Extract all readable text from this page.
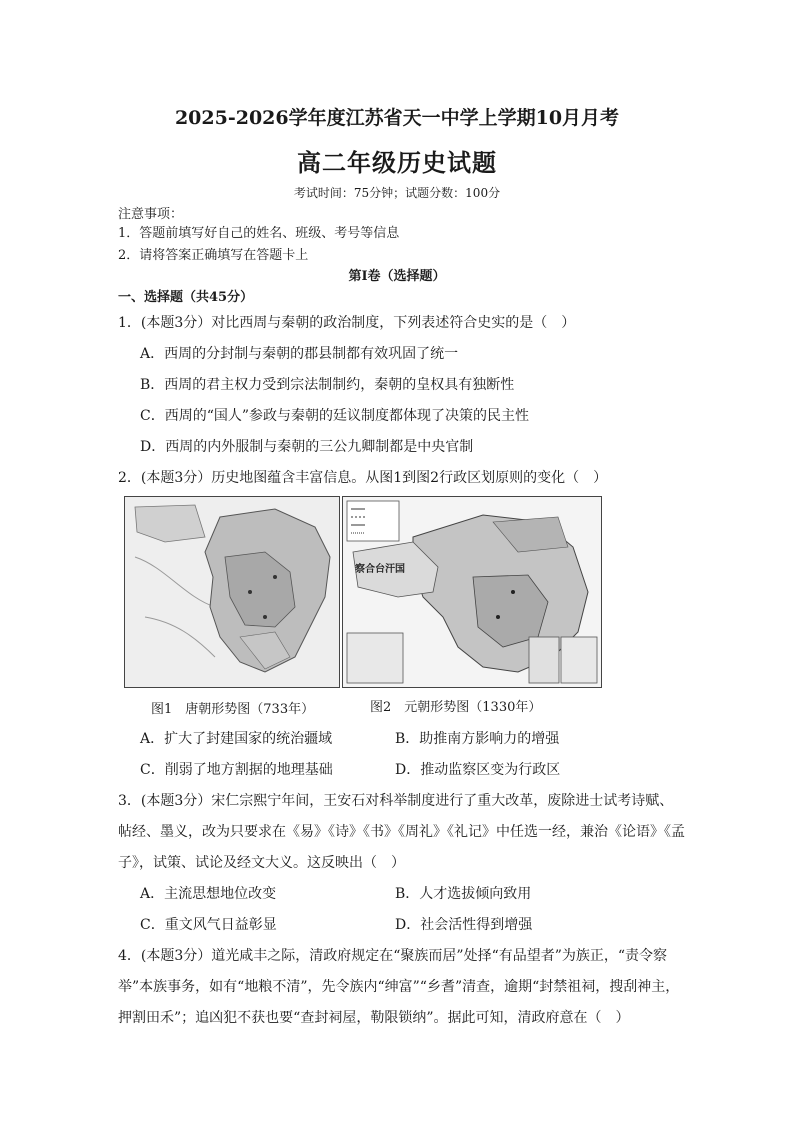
2025-2026学年度江苏省天一中学上学期10月月考
高二年级历史试题
考试时间：75分钟；试题分数：100分
注意事项：
1．答题前填写好自己的姓名、班级、考号等信息
2．请将答案正确填写在答题卡上
第Ⅰ卷（选择题）
一、选择题（共45分）
1．(本题3分）对比西周与秦朝的政治制度，下列表述符合史实的是（　）
A．西周的分封制与秦朝的郡县制都有效巩固了统一
B．西周的君主权力受到宗法制制约，秦朝的皇权具有独断性
C．西周的“国人”参政与秦朝的廷议制度都体现了决策的民主性
D．西周的内外服制与秦朝的三公九卿制都是中央官制
2．(本题3分）历史地图蕴含丰富信息。从图1到图2行政区划原则的变化（　）
察合台汗国
图1　唐朝形势图（733年）	图2　元朝形势图（1330年）
A．扩大了封建国家的统治疆域	B．助推南方影响力的增强
C．削弱了地方割据的地理基础	D．推动监察区变为行政区
3．(本题3分）宋仁宗熙宁年间，王安石对科举制度进行了重大改革，废除进士试考诗赋、
帖经、墨义，改为只要求在《易》《诗》《书》《周礼》《礼记》中任选一经，兼治《论语》《孟
子》，试策、试论及经文大义。这反映出（　）
A．主流思想地位改变	B．人才选拔倾向致用
C．重文风气日益彰显	D．社会活性得到增强
4．(本题3分）道光咸丰之际，清政府规定在“聚族而居”处择“有品望者”为族正，“责令察
举”本族事务，如有“地粮不清”，先令族内“绅富”“乡耆”清查，逾期“封禁祖祠，搜刮神主，
押割田禾”；追凶犯不获也要“查封祠屋，勒限锁纳”。据此可知，清政府意在（　）
